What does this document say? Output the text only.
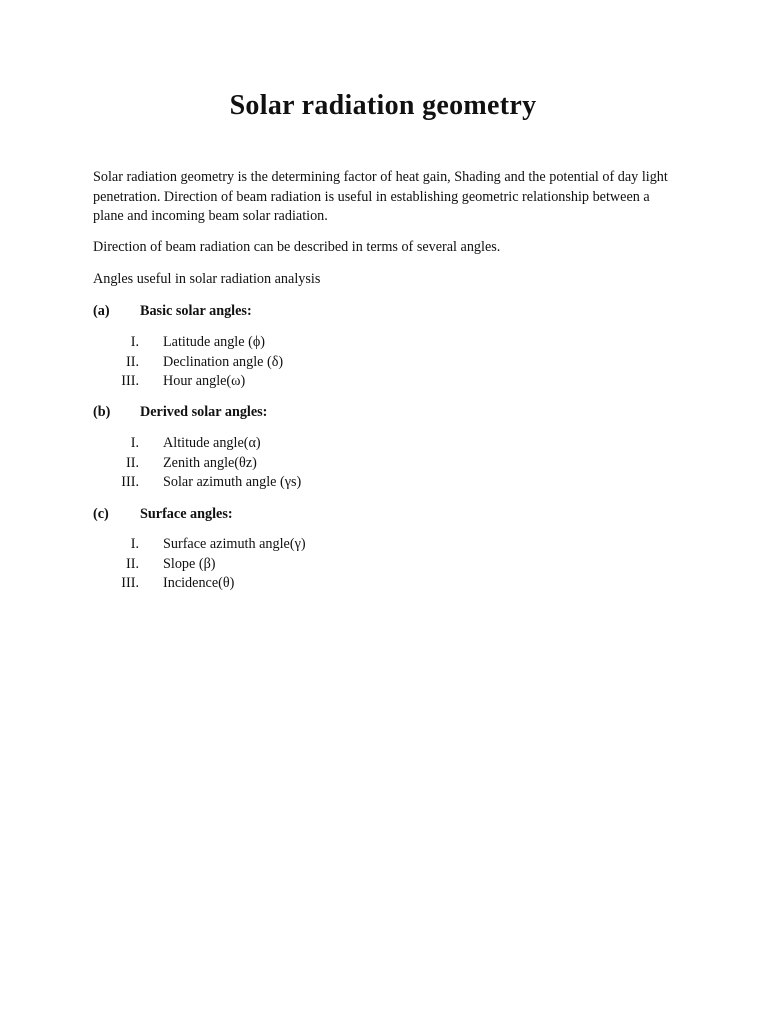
Solar radiation geometry

Solar radiation geometry is the determining factor of heat gain, Shading and the potential of day light penetration. Direction of beam radiation is useful in establishing geometric relationship between a plane and incoming beam solar radiation.

Direction of beam radiation can be described in terms of several angles.

Angles useful in solar radiation analysis

(a) Basic solar angles:
I.	Latitude angle (ϕ)
II.	Declination angle (δ)
III.	Hour angle(ω)
(b) Derived solar angles:
I.	Altitude angle(α)
II.	Zenith angle(θz)
III.	Solar azimuth angle (γs)
(c) Surface angles:
I.	Surface azimuth angle(γ)
II.	Slope (β)
III.	Incidence(θ)
